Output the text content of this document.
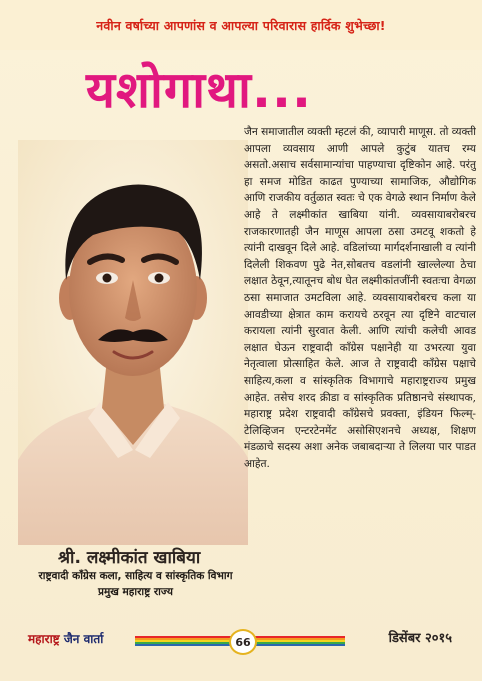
नवीन वर्षाच्या आपणांस व आपल्या परिवारास हार्दिक शुभेच्छा!
यशोगाथा...
श्री. लक्ष्मीकांत खाबिया
राष्ट्रवादी कॉंग्रेस कला, साहित्य व सांस्कृतिक विभाग प्रमुख महाराष्ट्र राज्य
जैन समाजातील व्यक्ती म्हटलं की, व्यापारी माणूस. तो व्यक्ती आपला व्यवसाय आणी आपले कुटुंब यातच रम्य असतो.असाच सर्वसामान्यांचा पाहण्याचा दृष्टिकोन आहे. परंतु हा समज मोडित काढत पुण्याच्या सामाजिक, औद्योगिक आणि राजकीय वर्तुळात स्वतः चे एक वेगळे स्थान निर्माण केले आहे ते लक्ष्मीकांत खाबिया यांनी. व्यवसायाबरोबरच राजकारणातही जैन माणूस आपला ठसा उमटवू शकतो हे त्यांनी दाखवून दिले आहे. वडिलांच्या मार्गदर्शनाखाली व त्यांनी दिलेली शिकवण पुढे नेत,सोबतच वडलांनी खाल्लेल्या ठेचा लक्षात ठेवून,त्यातूनच बोध घेत लक्ष्मीकांतजींनी स्वतःचा वेगळा ठसा समाजात उमटविला आहे. व्यवसायाबरोबरच कला या आवडीच्या क्षेत्रात काम करायचे ठरवून त्या दृष्टिने वाटचाल करायला त्यांनी सुरवात केली. आणि त्यांची कलेची आवड लक्षात घेऊन राष्ट्रवादी कॉंग्रेस पक्षानेही या उभरत्या युवा नेतृत्वाला प्रोत्साहित केले. आज ते राष्ट्रवादी कॉंग्रेस पक्षाचे साहित्य,कला व सांस्कृतिक विभागाचे महाराष्ट्रराज्य प्रमुख आहेत. तसेच शरद क्रीडा व सांस्कृतिक प्रतिष्ठानचे संस्थापक, महाराष्ट्र प्रदेश राष्ट्रवादी कॉंग्रेसचे प्रवक्ता, इंडियन फिल्म्-टेलिव्हिजन एन्टरटेनमेंट असोसिएशनचे अध्यक्ष, शिक्षण मंडळाचे सदस्य अशा अनेक जबाबदाऱ्या ते लिलया पार पाडत आहेत.
महाराष्ट्र जैन वार्ता	66	डिसेंबर २०१५
